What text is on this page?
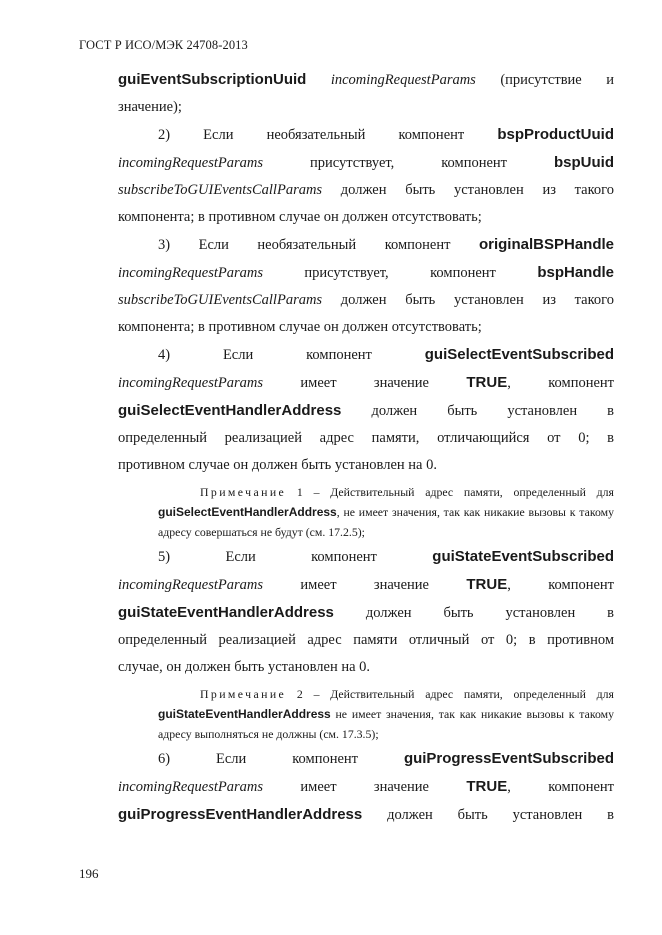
ГОСТ Р ИСО/МЭК 24708-2013

guiEventSubscriptionUuid incomingRequestParams (присутствие и

значение);

2) Если необязательный компонент bspProductUuid

incomingRequestParams присутствует, компонент bspUuid

subscribeToGUIEventsCallParams должен быть установлен из такого

компонента; в противном случае он должен отсутствовать;

3) Если необязательный компонент originalBSPHandle

incomingRequestParams присутствует, компонент bspHandle

subscribeToGUIEventsCallParams должен быть установлен из такого

компонента; в противном случае он должен отсутствовать;

4) Если компонент guiSelectEventSubscribed

incomingRequestParams имеет значение TRUE, компонент

guiSelectEventHandlerAddress должен быть установлен в

определенный реализацией адрес памяти, отличающийся от 0; в

противном случае он должен быть установлен на 0.

Примечание 1 – Действительный адрес памяти, определенный для guiSelectEventHandlerAddress, не имеет значения, так как никакие вызовы к такому адресу совершаться не будут (см. 17.2.5);

5) Если компонент guiStateEventSubscribed

incomingRequestParams имеет значение TRUE, компонент

guiStateEventHandlerAddress должен быть установлен в

определенный реализацией адрес памяти отличный от 0; в противном

случае, он должен быть установлен на 0.

Примечание 2 – Действительный адрес памяти, определенный для guiStateEventHandlerAddress не имеет значения, так как никакие вызовы к такому адресу выполняться не должны (см. 17.3.5);

6) Если компонент guiProgressEventSubscribed

incomingRequestParams имеет значение TRUE, компонент

guiProgressEventHandlerAddress должен быть установлен в

196
